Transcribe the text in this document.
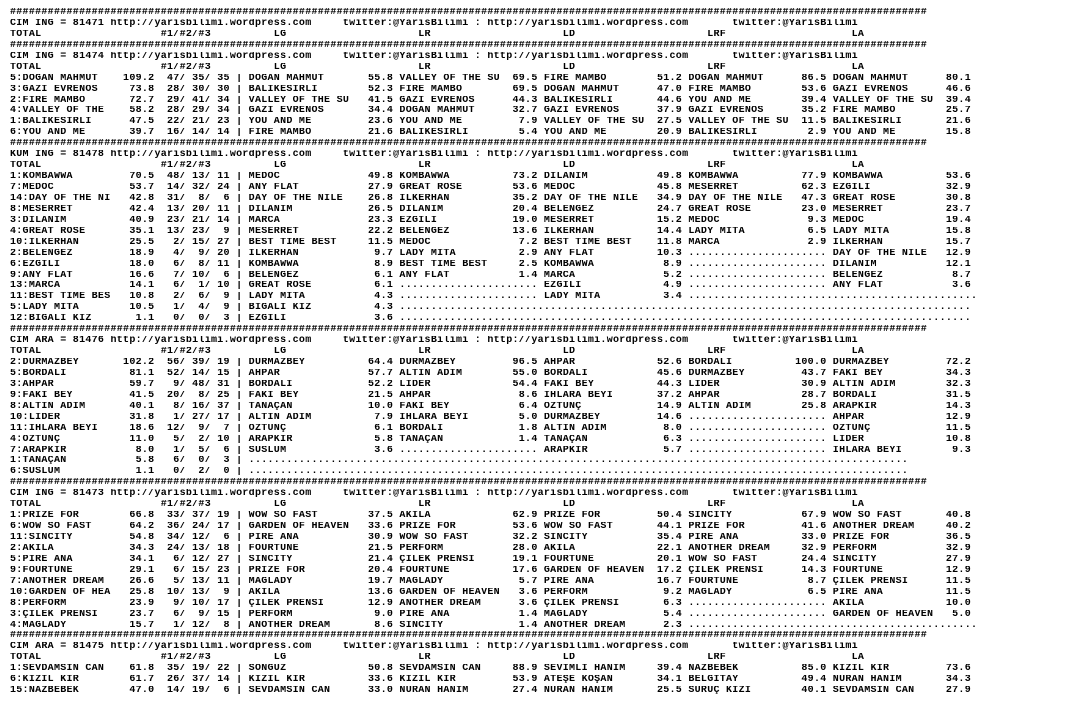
##################################################################################################################################################
CIM ING = 81471 http://yarisbilimi.wordpress.com     twitter:@YarisBilimi : http://yarisbilimi.wordpress.com       twitter:@YarisBilimi
TOTAL                   #1/#2/#3          LG                     LR                     LD                     LRF                    LA
##################################################################################################################################################
CIM ING = 81474 http://yarisbilimi.wordpress.com     twitter:@YarisBilimi : http://yarisbilimi.wordpress.com       twitter:@YarisBilimi
TOTAL                   #1/#2/#3          LG                     LR                     LD                     LRF                    LA
5:DOĞAN MAHMUT    109.2  47/ 35/ 35 | DOĞAN MAHMUT       55.8 VALLEY OF THE SU  69.5 FİRE MAMBO        51.2 DOĞAN MAHMUT      86.5 DOĞAN MAHMUT      80.1
3:GAZİ EVRENOS     73.8  28/ 30/ 30 | BALIKESİRLİ        52.3 FİRE MAMBO        69.5 DOĞAN MAHMUT      47.0 FİRE MAMBO        53.6 GAZİ EVRENOS      46.6
2:FIRE MAMBO       72.7  29/ 41/ 34 | VALLEY OF THE SU   41.5 GAZİ EVRENOS      44.3 BALIKESİRLİ       44.6 YOU AND ME        39.4 VALLEY OF THE SU  39.4
4:VALLEY OF THE    58.2  28/ 29/ 34 | GAZİ EVRENOS       34.4 DOĞAN MAHMUT      32.7 GAZİ EVRENOS      37.9 GAZİ EVRENOS      35.2 FİRE MAMBO        25.7
1:BALIKESIRLI      47.5  22/ 21/ 23 | YOU AND ME         23.6 YOU AND ME         7.9 VALLEY OF THE SU  27.5 VALLEY OF THE SU  11.5 BALIKESİRLİ       21.6
6:YOU AND ME       39.7  16/ 14/ 14 | FİRE MAMBO         21.6 BALIKESİRLİ        5.4 YOU AND ME        20.9 BALIKESİRLİ        2.9 YOU AND ME        15.8
##################################################################################################################################################
KUM ING = 81478 http://yarisbilimi.wordpress.com     twitter:@YarisBilimi : http://yarisbilimi.wordpress.com       twitter:@YarisBilimi
TOTAL                   #1/#2/#3          LG                     LR                     LD                     LRF                    LA
1:KOMBAWWA         70.5  48/ 13/ 11 | MEDOC              49.8 KOMBAWWA          73.2 DİLANIM           49.8 KOMBAWWA          77.9 KOMBAWWA          53.6
7:MEDOC            53.7  14/ 32/ 24 | ANY FLAT           27.9 GREAT ROSE        53.6 MEDOC             45.8 MESERRET          62.3 EZGİLİ            32.9
14:DAY OF THE NI   42.8  31/  8/  6 | DAY OF THE NİLE    26.8 İLKERHAN          35.2 DAY OF THE NİLE   34.9 DAY OF THE NİLE   47.3 GREAT ROSE        30.8
8:MESERRET         42.4  13/ 20/ 11 | DİLANIM            26.5 DİLANIM           20.4 BELENGEZ          24.7 GREAT ROSE        23.0 MESERRET          23.7
3:DILANIM          40.9  23/ 21/ 14 | MARCA              23.3 EZGİLİ            19.0 MESERRET          15.2 MEDOC              9.3 MEDOC             19.4
4:GREAT ROSE       35.1  13/ 23/  9 | MESERRET           22.2 BELENGEZ          13.6 İLKERHAN          14.4 LADY MİTA          6.5 LADY MİTA         15.8
10:İLKERHAN        25.5   2/ 15/ 27 | BEST TIME BEST     11.5 MEDOC              7.2 BEST TIME BEST    11.8 MARCA              2.9 İLKERHAN          15.7
2:BELENGEZ         18.9   4/  9/ 20 | İLKERHAN            9.7 LADY MİTA          2.9 ANY FLAT          10.3 ...................... DAY OF THE NİLE   12.9
6:EZGİLİ           18.0   6/  8/ 11 | KOMBAWWA            8.9 BEST TIME BEST     2.5 KOMBAWWA           8.9 ...................... DİLANIM           12.1
9:ANY FLAT         16.6   7/ 10/  6 | BELENGEZ            6.1 ANY FLAT           1.4 MARCA              5.2 ...................... BELENGEZ           8.7
13:MARCA           14.1   6/  1/ 10 | GREAT ROSE          6.1 ...................... EZGİLİ             4.9 ...................... ANY FLAT           3.6
11:BEST TIME BES   10.8   2/  6/  9 | LADY MİTA           4.3 ...................... LADY MİTA          3.4 ..............................................
5:LADY MITA        10.5   1/  4/  9 | BIGALI KIZ          4.3 ...........................................................................................
12:BIGALI KIZ       1.1   0/  0/  3 | EZGİLİ              3.6 ...........................................................................................
##################################################################################################################################################
CIM ARA = 81476 http://yarisbilimi.wordpress.com     twitter:@YarisBilimi : http://yarisbilimi.wordpress.com       twitter:@YarisBilimi
TOTAL                   #1/#2/#3          LG                     LR                     LD                     LRF                    LA
2:DURMAZBEY       102.2  56/ 39/ 19 | DURMAZBEY          64.4 DURMAZBEY         96.5 AHPAR             52.6 BORDALI          100.0 DURMAZBEY         72.2
5:BORDALI          81.1  52/ 14/ 15 | AHPAR              57.7 ALTIN ADIM        55.0 BORDALI           45.6 DURMAZBEY         43.7 FAKI BEY          34.3
3:AHPAR            59.7   9/ 48/ 31 | BORDALI            52.2 LİDER             54.4 FAKI BEY          44.3 LİDER             30.9 ALTIN ADIM        32.3
9:FAKI BEY         41.5  20/  8/ 25 | FAKI BEY           21.5 AHPAR              8.6 IHLARA BEYİ       37.2 AHPAR             28.7 BORDALI           31.5
8:ALTIN ADIM       40.1   8/ 16/ 37 | TANAÇAN            10.0 FAKI BEY           6.4 ÖZTUNÇ            14.9 ALTIN ADIM        25.8 ARAPKİR           14.3
10:LIDER           31.8   1/ 27/ 17 | ALTIN ADIM          7.9 IHLARA BEYİ        5.0 DURMAZBEY         14.6 ...................... AHPAR             12.9
11:IHLARA BEYİ     18.6  12/  9/  7 | ÖZTUNÇ              6.1 BORDALI            1.8 ALTIN ADIM         8.0 ...................... ÖZTUNÇ            11.5
4:ÖZTUNÇ           11.0   5/  2/ 10 | ARAPKİR             5.8 TANAÇAN            1.4 TANAÇAN            6.3 ...................... LİDER             10.8
7:ARAPKİR           8.0   1/  5/  6 | SÜSLÜM              3.6 ...................... ARAPKİR            5.7 ...................... IHLARA BEYİ        9.3
1:TANAÇAN           5.8   6/  0/  3 | .........................................................................................................
6:SÜSLÜM            1.1   0/  2/  0 | .........................................................................................................
##################################################################################################################################################
CIM ING = 81473 http://yarisbilimi.wordpress.com     twitter:@YarisBilimi : http://yarisbilimi.wordpress.com       twitter:@YarisBilimi
TOTAL                   #1/#2/#3          LG                     LR                     LD                     LRF                    LA
1:PRIZE FOR        66.8  33/ 37/ 19 | WOW SO FAST        37.5 AKİLA             62.9 PRIZE FOR         50.4 SİNCITY           67.9 WOW SO FAST       40.8
6:WOW SO FAST      64.2  36/ 24/ 17 | GARDEN OF HEAVEN   33.6 PRIZE FOR         53.6 WOW SO FAST       44.1 PRIZE FOR         41.6 ANOTHER DREAM     40.2
11:SINCITY         54.8  34/ 12/  6 | PİRE ANA           30.9 WOW SO FAST       32.2 SİNCITY           35.4 PİRE ANA          33.0 PRIZE FOR         36.5
2:AKİLA            34.3  24/ 13/ 18 | FOURTUNE           21.5 PERFORM           28.0 AKİLA             22.1 ANOTHER DREAM     32.9 PERFORM           32.9
5:PİRE ANA         34.1   6/ 12/ 27 | SİNCITY            21.4 ÇİLEK PRENSİ      19.1 FOURTUNE          20.1 WOW SO FAST       24.4 SİNCITY           27.9
9:FOURTUNE         29.1   6/ 15/ 23 | PRIZE FOR          20.4 FOURTUNE          17.6 GARDEN OF HEAVEN  17.2 ÇİLEK PRENSİ      14.3 FOURTUNE          12.9
7:ANOTHER DREAM    26.6   5/ 13/ 11 | MAGLADY            19.7 MAGLADY            5.7 PİRE ANA          16.7 FOURTUNE           8.7 ÇİLEK PRENSİ      11.5
10:GARDEN OF HEA   25.8  10/ 13/  9 | AKİLA              13.6 GARDEN OF HEAVEN   3.6 PERFORM            9.2 MAGLADY            6.5 PİRE ANA          11.5
8:PERFORM          23.9   9/ 10/ 17 | ÇİLEK PRENSİ       12.9 ANOTHER DREAM      3.6 ÇİLEK PRENSİ       6.3 ...................... AKİLA             10.0
3:ÇİLEK PRENSİ     23.7   6/  9/ 15 | PERFORM             9.0 PİRE ANA           1.4 MAGLADY            5.4 ...................... GARDEN OF HEAVEN   5.0
4:MAGLADY          15.7   1/ 12/  8 | ANOTHER DREAM       8.6 SİNCITY            1.4 ANOTHER DREAM      2.3 ..............................................
##################################################################################################################################################
CIM ARA = 81475 http://yarisbilimi.wordpress.com     twitter:@YarisBilimi : http://yarisbilimi.wordpress.com       twitter:@YarisBilimi
TOTAL                   #1/#2/#3          LG                     LR                     LD                     LRF                    LA
1:SEVDAMSIN CAN    61.8  35/ 19/ 22 | SONGÜZ             50.8 SEVDAMSIN CAN     88.9 SEVİMLİ HANIM     39.4 NAZBEBEK          85.0 KIZIL KIR         73.6
6:KIZIL KIR        61.7  26/ 37/ 14 | KIZIL KIR          33.6 KIZIL KIR         53.9 ATEŞE KOŞAN       34.1 BELGİTAY          49.4 NURAN HANIM       34.3
15:NAZBEBEK        47.0  14/ 19/  6 | SEVDAMSIN CAN      33.0 NURAN HANIM       27.4 NURAN HANIM       25.5 SURUÇ KIZI        40.1 SEVDAMSIN CAN     27.9
